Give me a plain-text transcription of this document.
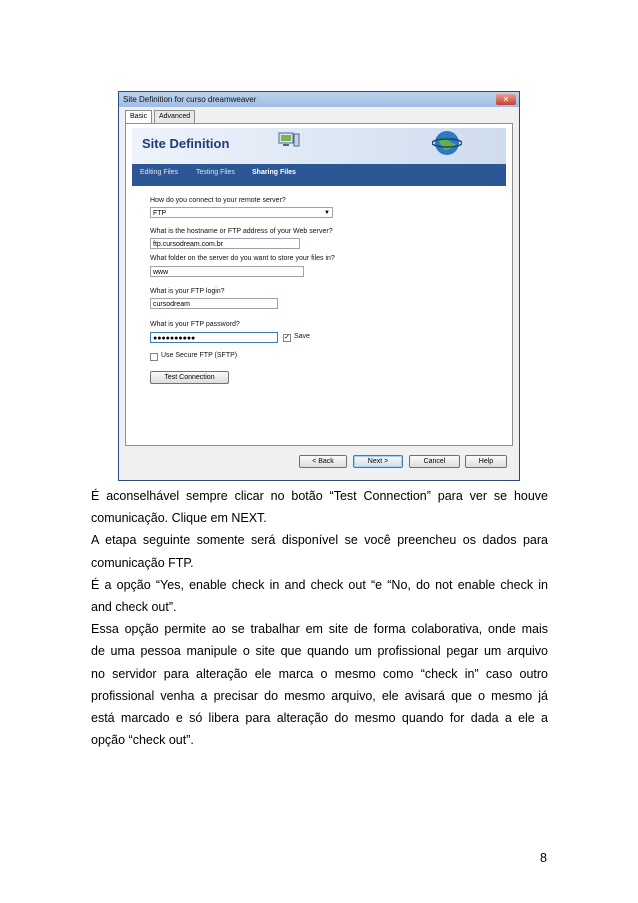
Site Definition for curso dreamweaver	✕
Basic	Advanced
Site Definition
Editing Files	Testing Files Sharing Files
How do you connect to your remote server?
FTP	▼
What is the hostname or FTP address of your Web server?
ftp.cursodream.com.br
What folder on the server do you want to store your files in?
www
What is your FTP login?
cursodream
What is your FTP password?
●●●●●●●●●●	✓ Save
Use Secure FTP (SFTP)
Test Connection
< Back	Next >	Cancel	Help
É aconselhável sempre clicar no botão “Test Connection” para ver se houve
comunicação. Clique em NEXT.
A etapa seguinte somente será disponível se você preencheu os dados para
comunicação FTP.
É a opção “Yes, enable check in and check out “e “No, do not enable check in
and check out”.
Essa opção permite ao se trabalhar em site de forma colaborativa, onde mais
de uma pessoa manipule o site que quando um profissional pegar um arquivo
no servidor para alteração ele marca o mesmo como “check in” caso outro
profissional venha a precisar do mesmo arquivo, ele avisará que o mesmo já
está marcado e só libera para alteração do mesmo quando for dada a ele a
opção “check out”.
8
